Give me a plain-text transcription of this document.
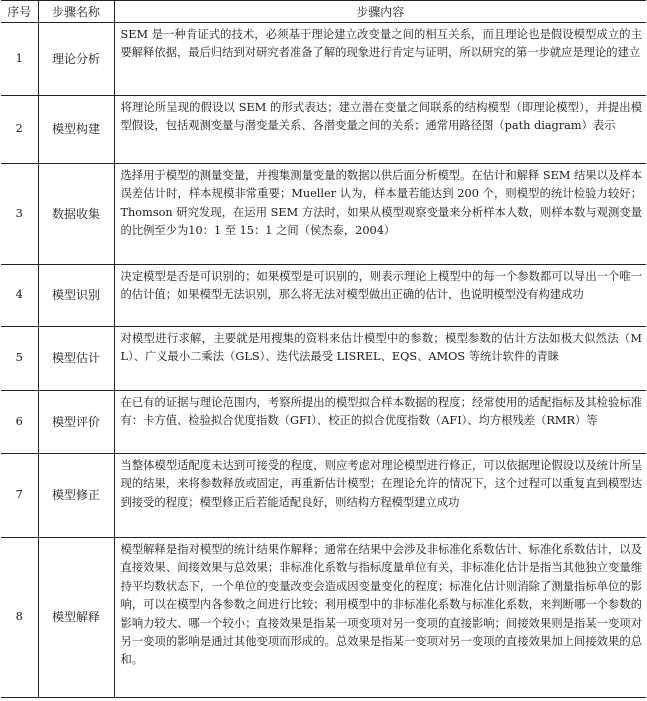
序号	步骤名称	步骤内容
1	理论分析	SEM 是一种肯证式的技术，必须基于理论建立改变量之间的相互关系，而且理论也是假设模型成立的主要解释依据，最后归结到对研究者准备了解的现象进行肯定与证明，所以研究的第一步就应是理论的建立
2	模型构建	将理论所呈现的假设以 SEM 的形式表达；建立潜在变量之间联系的结构模型（即理论模型），并提出模型假设，包括观测变量与潜变量关系、各潜变量之间的关系；通常用路径图（path diagram）表示
3	数据收集	选择用于模型的测量变量，并搜集测量变量的数据以供后面分析模型。在估计和解释 SEM 结果以及样本误差估计时，样本规模非常重要；Mueller 认为，样本量若能达到 200 个，则模型的统计检验力较好；Thomson 研究发现，在运用 SEM 方法时，如果从模型观察变量来分析样本人数，则样本数与观测变量的比例至少为10：1 至 15：1 之间（侯杰泰，2004）
4	模型识别	决定模型是否是可识别的；如果模型是可识别的，则表示理论上模型中的每一个参数都可以导出一个唯一的估计值；如果模型无法识别，那么将无法对模型做出正确的估计，也说明模型没有构建成功
5	模型估计	对模型进行求解，主要就是用搜集的资料来估计模型中的参数；模型参数的估计方法如极大似然法（ML）、广义最小二乘法（GLS）、迭代法最受 LISREL、EQS、AMOS 等统计软件的青睐
6	模型评价	在已有的证据与理论范围内，考察所提出的模型拟合样本数据的程度；经常使用的适配指标及其检验标准有：卡方值、检验拟合优度指数（GFI）、校正的拟合优度指数（AFI）、均方根残差（RMR）等
7	模型修正	当整体模型适配度未达到可接受的程度，则应考虑对理论模型进行修正，可以依据理论假设以及统计所呈现的结果，来将参数释放或固定，再重新估计模型；在理论允许的情况下，这个过程可以重复直到模型达到接受的程度；模型修正后若能适配良好，则结构方程模型建立成功
8	模型解释	模型解释是指对模型的统计结果作解释；通常在结果中会涉及非标准化系数估计、标准化系数估计，以及直接效果、间接效果与总效果；非标准化系数与指标度量单位有关，非标准化估计是指当其他独立变量维持平均数状态下，一个单位的变量改变会造成因变量变化的程度；标准化估计则消除了测量指标单位的影响，可以在模型内各参数之间进行比较；利用模型中的非标准化系数与标准化系数，来判断哪一个参数的影响力较大、哪一个较小；直接效果是指某一项变项对另一变项的直接影响；间接效果则是指某一变项对另一变项的影响是通过其他变项而形成的。总效果是指某一变项对另一变项的直接效果加上间接效果的总和。
